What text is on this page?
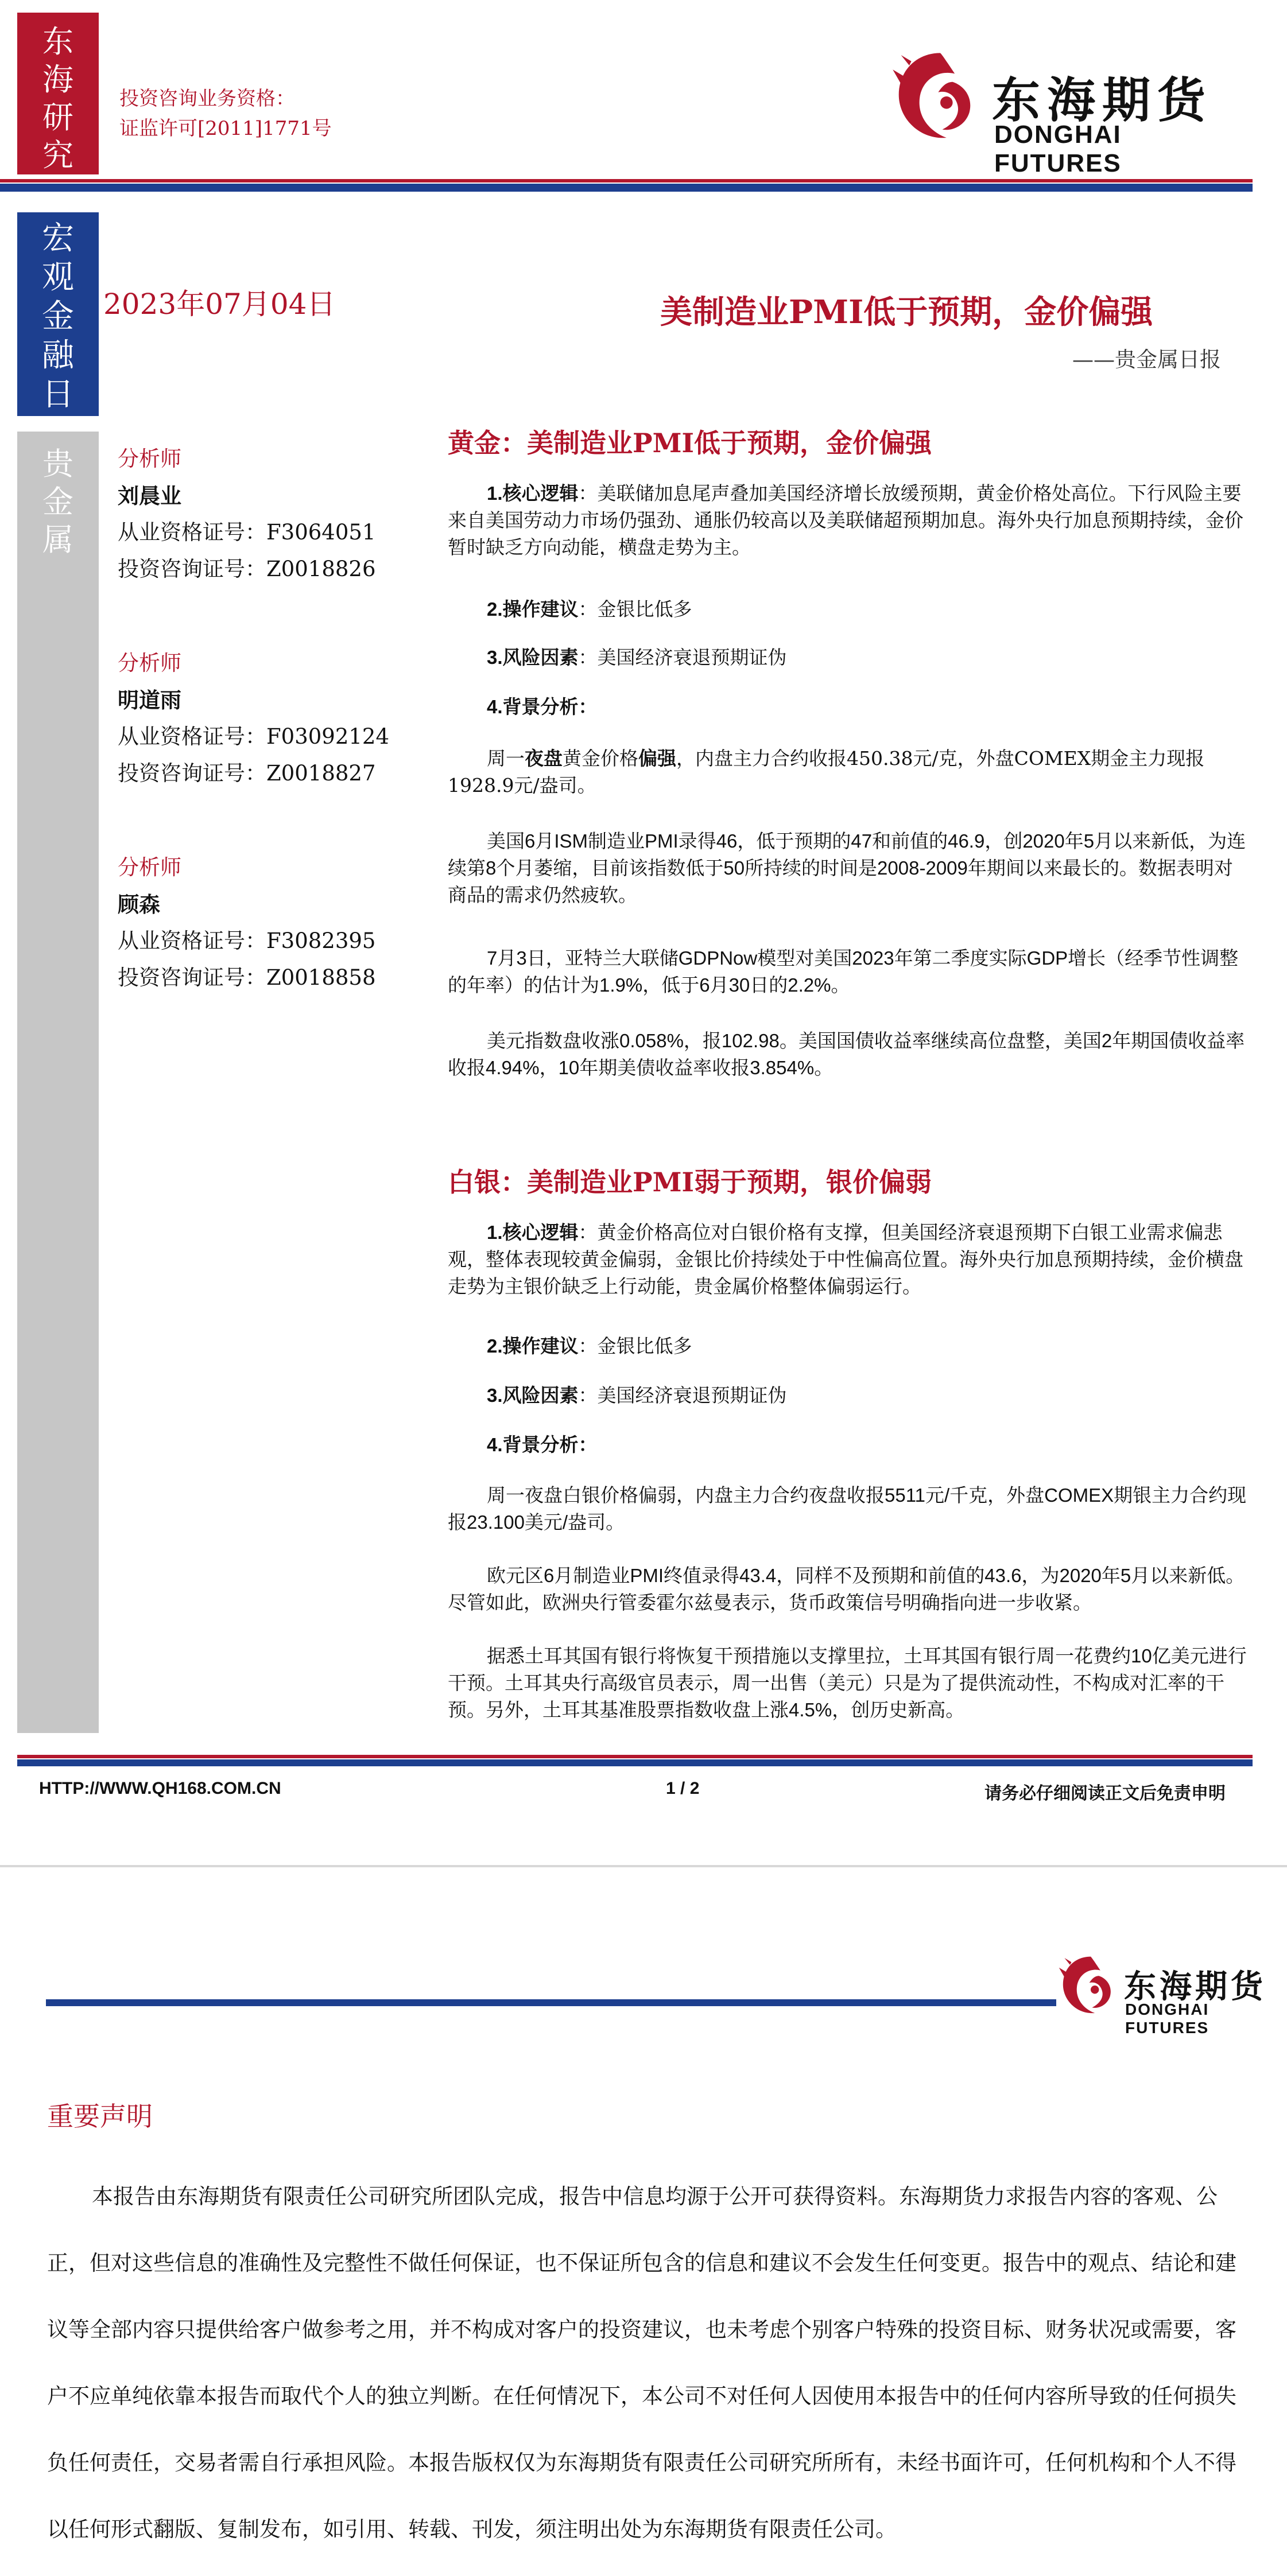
东海研究
投资咨询业务资格：
证监许可[2011]1771号	东海期货
DONGHAI FUTURES
宏观金融日
贵金属
2023年07月04日	美制造业PMI低于预期，金价偏强
——贵金属日报
分析师
刘晨业
从业资格证号：F3064051
投资咨询证号：Z0018826
分析师
明道雨
从业资格证号：F03092124
投资咨询证号：Z0018827
分析师
顾森
从业资格证号：F3082395
投资咨询证号：Z0018858
黄金：美制造业PMI低于预期，金价偏强

1.核心逻辑：美联储加息尾声叠加美国经济增长放缓预期，黄金价格处高位。下行风险主要来自美国劳动力市场仍强劲、通胀仍较高以及美联储超预期加息。海外央行加息预期持续，金价暂时缺乏方向动能，横盘走势为主。

2.操作建议：金银比低多

3.风险因素：美国经济衰退预期证伪

4.背景分析：

周一夜盘黄金价格偏强，内盘主力合约收报450.38元/克，外盘COMEX期金主力现报1928.9元/盎司。

美国6月ISM制造业PMI录得46，低于预期的47和前值的46.9，创2020年5月以来新低，为连续第8个月萎缩，目前该指数低于50所持续的时间是2008-2009年期间以来最长的。数据表明对商品的需求仍然疲软。

7月3日，亚特兰大联储GDPNow模型对美国2023年第二季度实际GDP增长（经季节性调整的年率）的估计为1.9%，低于6月30日的2.2%。

美元指数盘收涨0.058%，报102.98。美国国债收益率继续高位盘整，美国2年期国债收益率收报4.94%，10年期美债收益率收报3.854%。

白银：美制造业PMI弱于预期，银价偏弱

1.核心逻辑：黄金价格高位对白银价格有支撑，但美国经济衰退预期下白银工业需求偏悲观，整体表现较黄金偏弱，金银比价持续处于中性偏高位置。海外央行加息预期持续，金价横盘走势为主银价缺乏上行动能，贵金属价格整体偏弱运行。

2.操作建议：金银比低多

3.风险因素：美国经济衰退预期证伪

4.背景分析：

周一夜盘白银价格偏弱，内盘主力合约夜盘收报5511元/千克，外盘COMEX期银主力合约现报23.100美元/盎司。

欧元区6月制造业PMI终值录得43.4，同样不及预期和前值的43.6，为2020年5月以来新低。尽管如此，欧洲央行管委霍尔兹曼表示，货币政策信号明确指向进一步收紧。

据悉土耳其国有银行将恢复干预措施以支撑里拉，土耳其国有银行周一花费约10亿美元进行干预。土耳其央行高级官员表示，周一出售（美元）只是为了提供流动性，不构成对汇率的干预。另外，土耳其基准股票指数收盘上涨4.5%，创历史新高。

HTTP://WWW.QH168.COM.CN	1 / 2	请务必仔细阅读正文后免责申明
东海期货
DONGHAI FUTURES
重要声明

本报告由东海期货有限责任公司研究所团队完成，报告中信息均源于公开可获得资料。东海期货力求报告内容的客观、公正，但对这些信息的准确性及完整性不做任何保证，也不保证所包含的信息和建议不会发生任何变更。报告中的观点、结论和建议等全部内容只提供给客户做参考之用，并不构成对客户的投资建议，也未考虑个别客户特殊的投资目标、财务状况或需要，客户不应单纯依靠本报告而取代个人的独立判断。在任何情况下，本公司不对任何人因使用本报告中的任何内容所导致的任何损失负任何责任，交易者需自行承担风险。本报告版权仅为东海期货有限责任公司研究所所有，未经书面许可，任何机构和个人不得以任何形式翻版、复制发布，如引用、转载、刊发，须注明出处为东海期货有限责任公司。
